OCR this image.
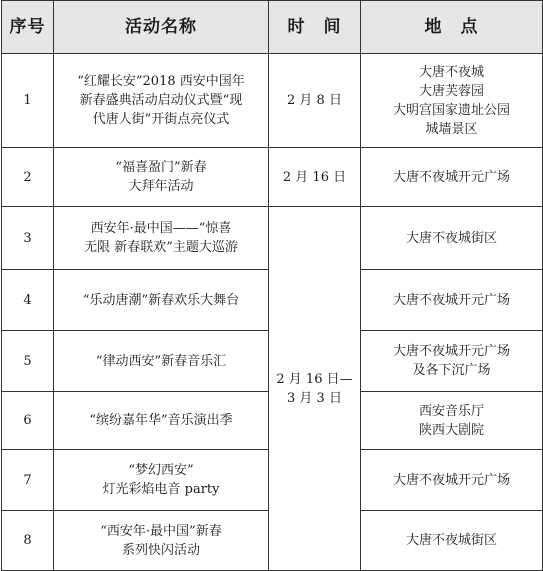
序号	活动名称	时　间	地　点
1	“红耀长安”2018 西安中国年
新春盛典活动启动仪式暨“现
代唐人街”开街点亮仪式	2 月 8 日	大唐不夜城
大唐芙蓉园
大明宫国家遗址公园
城墙景区

2	“福喜盈门”新春
大拜年活动	2 月 16 日	大唐不夜城开元广场

3	西安年·最中国——“惊喜
无限 新春联欢”主题大巡游	2 月 16 日—
3 月 3 日	大唐不夜城街区

4	“乐动唐潮”新春欢乐大舞台		大唐不夜城开元广场

5	“律动西安”新春音乐汇		大唐不夜城开元广场
及各下沉广场

6	“缤纷嘉年华”音乐演出季		西安音乐厅
陕西大剧院

7	“梦幻西安”
灯光彩焰电音 party		大唐不夜城开元广场

8	“西安年·最中国”新春
系列快闪活动		大唐不夜城街区
